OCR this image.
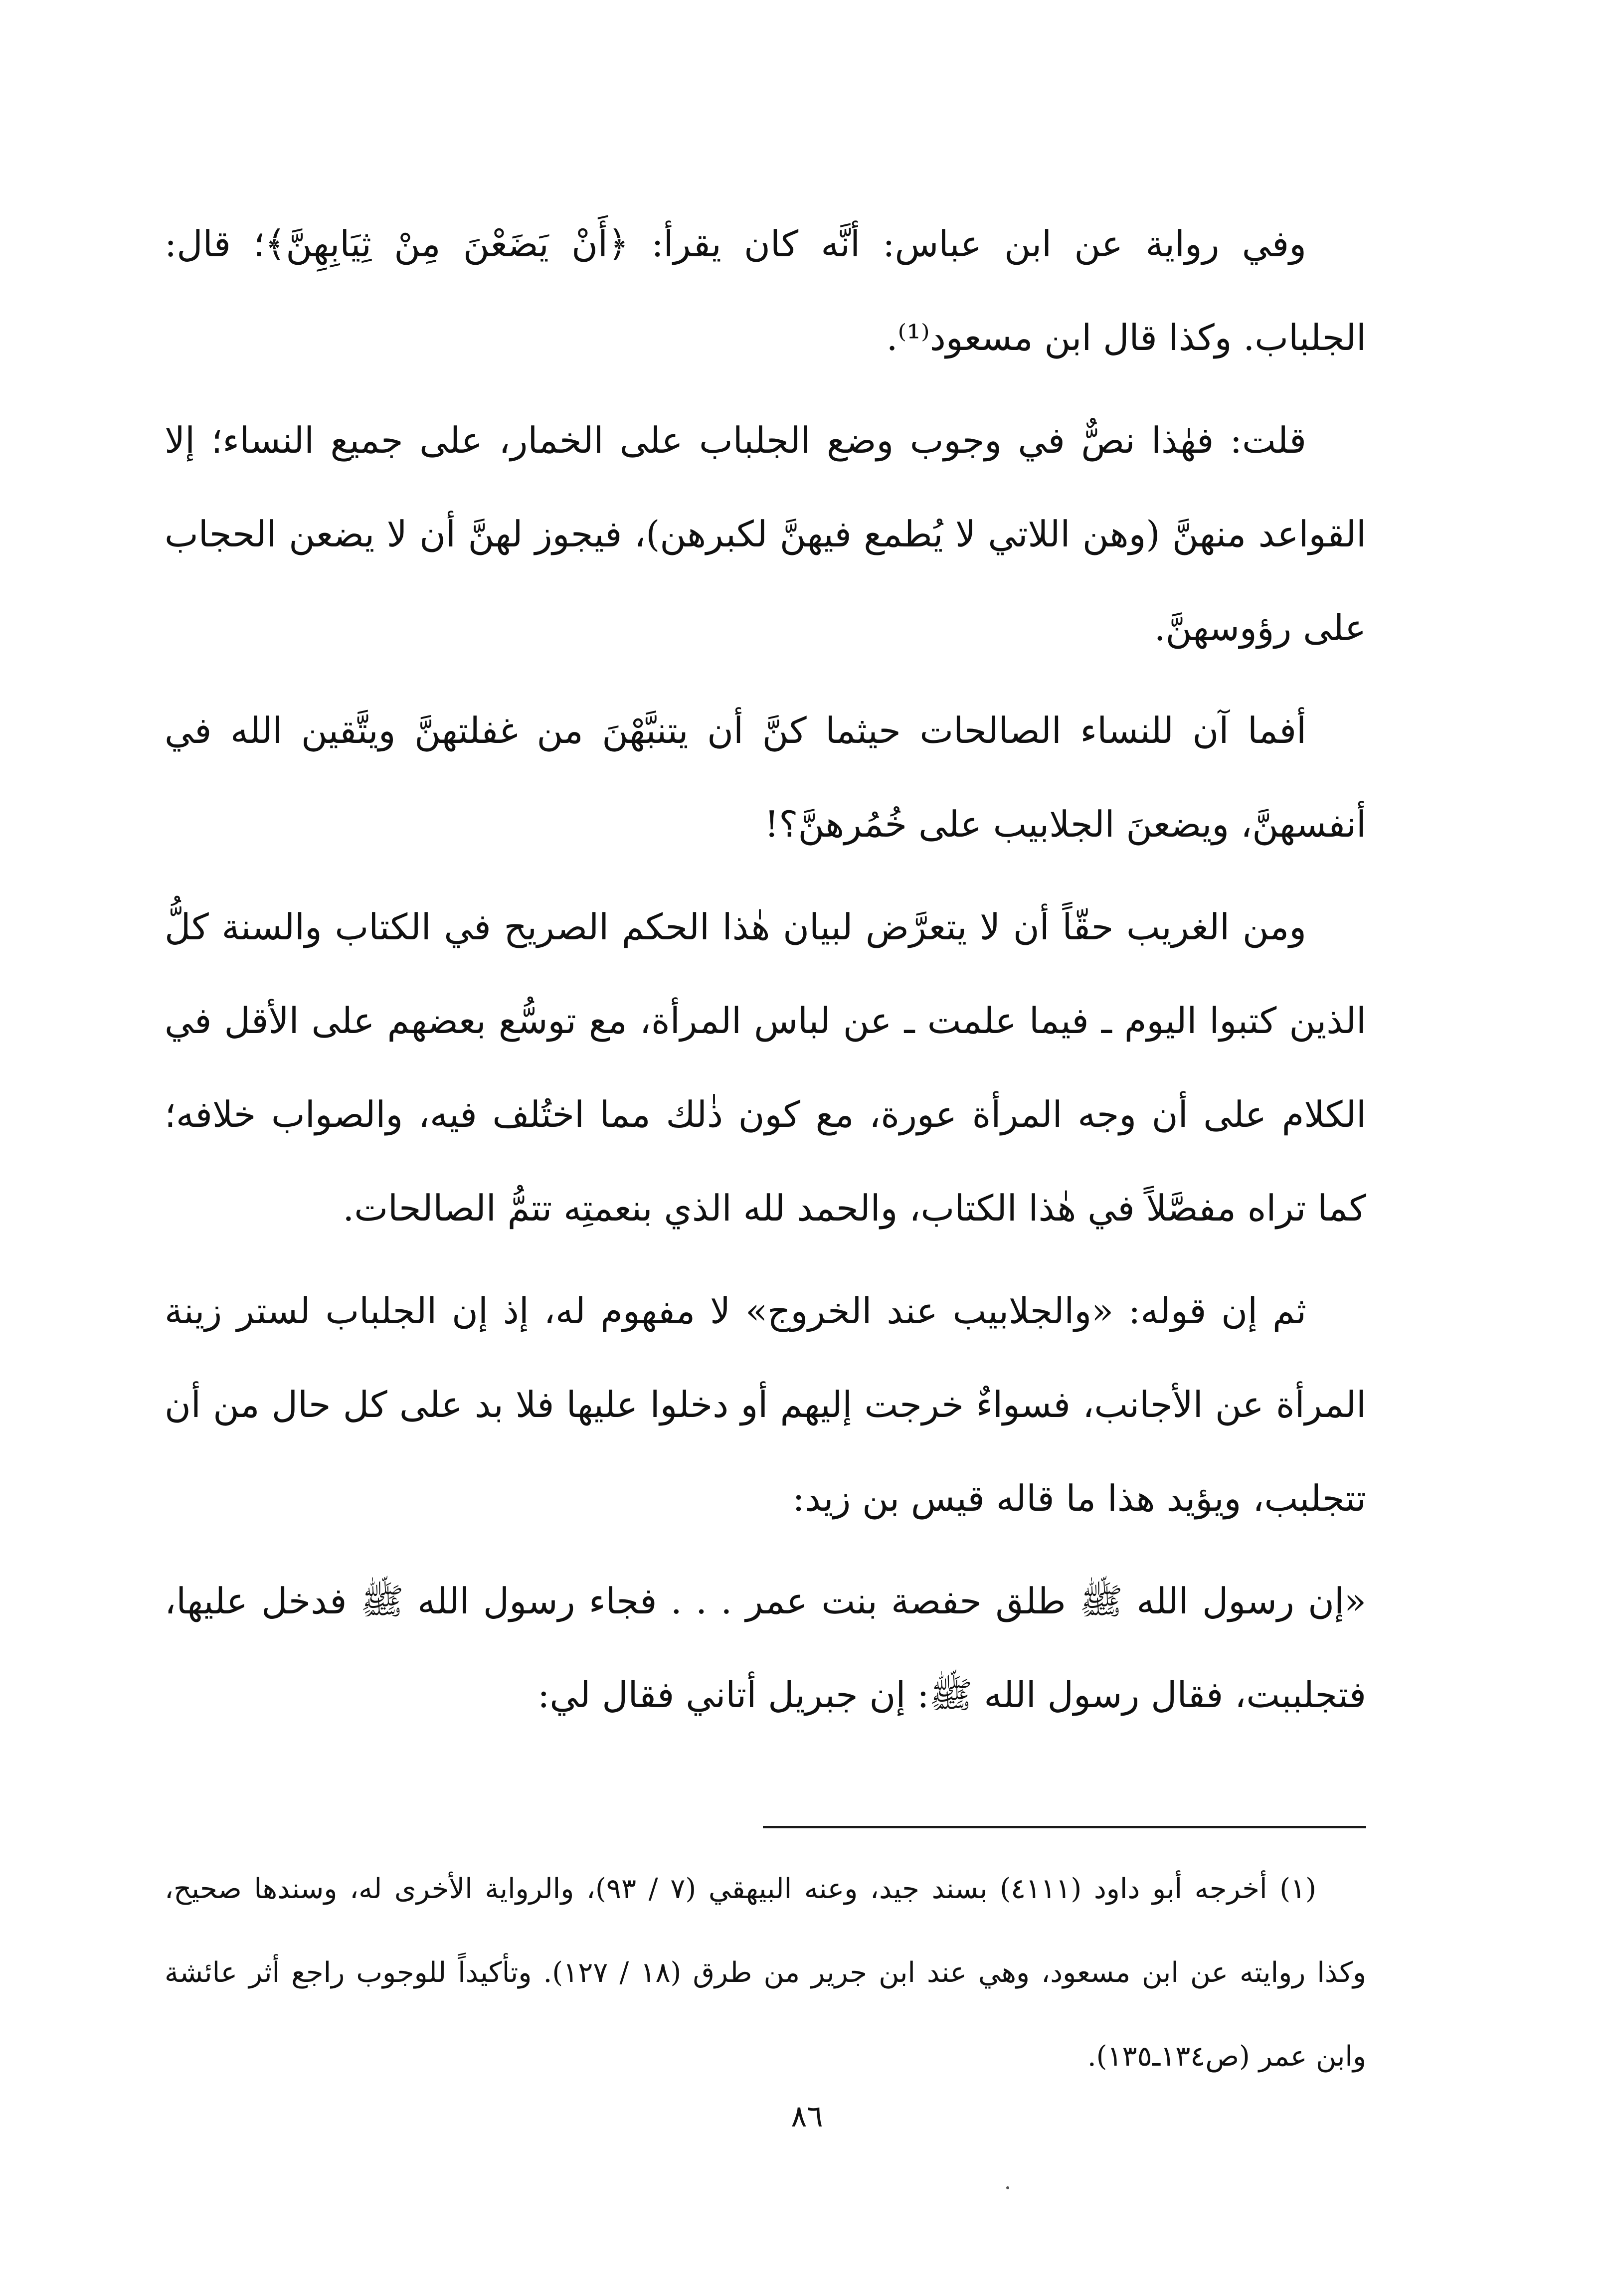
وفي رواية عن ابن عباس: أنَّه كان يقرأ: ﴿أَنْ يَضَعْنَ مِنْ ثِيَابِهِنَّ﴾؛ قال: الجلباب. وكذا قال ابن مسعود⁽¹⁾.

قلت: فهٰذا نصٌّ في وجوب وضع الجلباب على الخمار، على جميع النساء؛ إلا القواعد منهنَّ (وهن اللاتي لا يُطمع فيهنَّ لكبرهن)، فيجوز لهنَّ أن لا يضعن الحجاب على رؤوسهنَّ.

أفما آن للنساء الصالحات حيثما كنَّ أن يتنبَّهْنَ من غفلتهنَّ ويتَّقين الله في أنفسهنَّ، ويضعنَ الجلابيب على خُمُرهنَّ؟!

ومن الغريب حقّاً أن لا يتعرَّض لبيان هٰذا الحكم الصريح في الكتاب والسنة كلُّ الذين كتبوا اليوم ـ فيما علمت ـ عن لباس المرأة، مع توسُّع بعضهم على الأقل في الكلام على أن وجه المرأة عورة، مع كون ذٰلك مما اختُلف فيه، والصواب خلافه؛ كما تراه مفصَّلاً في هٰذا الكتاب، والحمد لله الذي بنعمتِه تتمُّ الصالحات.

ثم إن قوله: «والجلابيب عند الخروج» لا مفهوم له، إذ إن الجلباب لستر زينة المرأة عن الأجانب، فسواءٌ خرجت إليهم أو دخلوا عليها فلا بد على كل حال من أن تتجلبب، ويؤيد هذا ما قاله قيس بن زيد:

«إن رسول الله ﷺ طلق حفصة بنت عمر . . . فجاء رسول الله ﷺ فدخل عليها، فتجلببت، فقال رسول الله ﷺ: إن جبريل أتاني فقال لي:

(١) أخرجه أبو داود (٤١١١) بسند جيد، وعنه البيهقي (٧ / ٩٣)، والرواية الأخرى له، وسندها صحيح، وكذا روايته عن ابن مسعود، وهي عند ابن جرير من طرق (١٨ / ١٢٧). وتأكيداً للوجوب راجع أثر عائشة وابن عمر (ص١٣٤ـ١٣٥).

٨٦
